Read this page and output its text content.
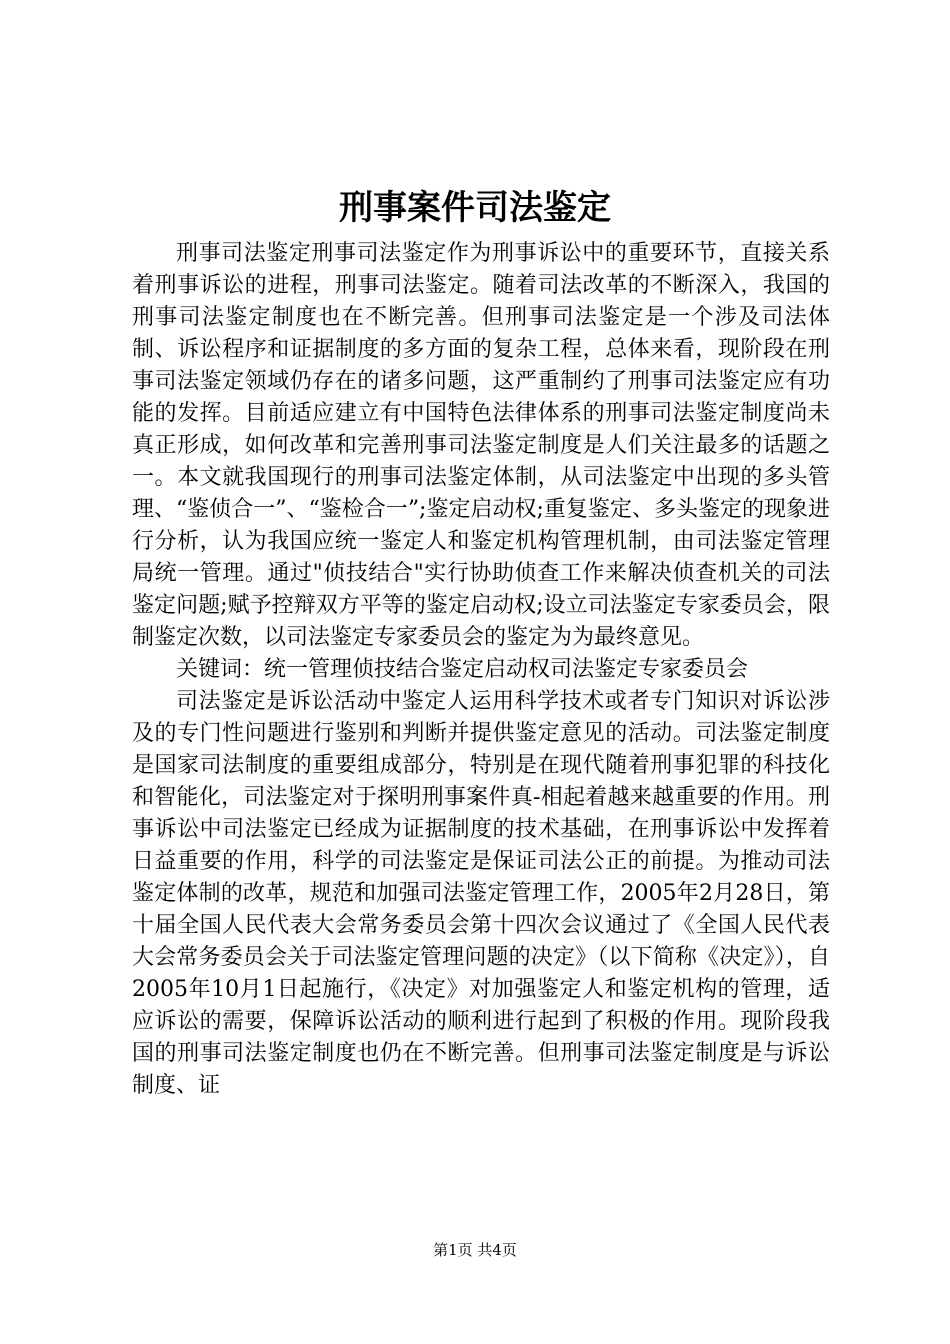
刑事案件司法鉴定

刑事司法鉴定刑事司法鉴定作为刑事诉讼中的重要环节，直接关系着刑事诉讼的进程，刑事司法鉴定。随着司法改革的不断深入，我国的刑事司法鉴定制度也在不断完善。但刑事司法鉴定是一个涉及司法体制、诉讼程序和证据制度的多方面的复杂工程，总体来看，现阶段在刑事司法鉴定领域仍存在的诸多问题，这严重制约了刑事司法鉴定应有功能的发挥。目前适应建立有中国特色法律体系的刑事司法鉴定制度尚未真正形成，如何改革和完善刑事司法鉴定制度是人们关注最多的话题之一。本文就我国现行的刑事司法鉴定体制，从司法鉴定中出现的多头管理、“鉴侦合一”、“鉴检合一”;鉴定启动权;重复鉴定、多头鉴定的现象进行分析，认为我国应统一鉴定人和鉴定机构管理机制，由司法鉴定管理局统一管理。通过"侦技结合"实行协助侦查工作来解决侦查机关的司法鉴定问题;赋予控辩双方平等的鉴定启动权;设立司法鉴定专家委员会，限制鉴定次数，以司法鉴定专家委员会的鉴定为为最终意见。

关键词：统一管理侦技结合鉴定启动权司法鉴定专家委员会

司法鉴定是诉讼活动中鉴定人运用科学技术或者专门知识对诉讼涉及的专门性问题进行鉴别和判断并提供鉴定意见的活动。司法鉴定制度是国家司法制度的重要组成部分，特别是在现代随着刑事犯罪的科技化和智能化，司法鉴定对于探明刑事案件真-相起着越来越重要的作用。刑事诉讼中司法鉴定已经成为证据制度的技术基础，在刑事诉讼中发挥着日益重要的作用，科学的司法鉴定是保证司法公正的前提。为推动司法鉴定体制的改革，规范和加强司法鉴定管理工作，2005年2月28日，第十届全国人民代表大会常务委员会第十四次会议通过了《全国人民代表大会常务委员会关于司法鉴定管理问题的决定》（以下简称《决定》），自2005年10月1日起施行，《决定》对加强鉴定人和鉴定机构的管理，适应诉讼的需要，保障诉讼活动的顺利进行起到了积极的作用。现阶段我国的刑事司法鉴定制度也仍在不断完善。但刑事司法鉴定制度是与诉讼制度、证

第1页 共4页
